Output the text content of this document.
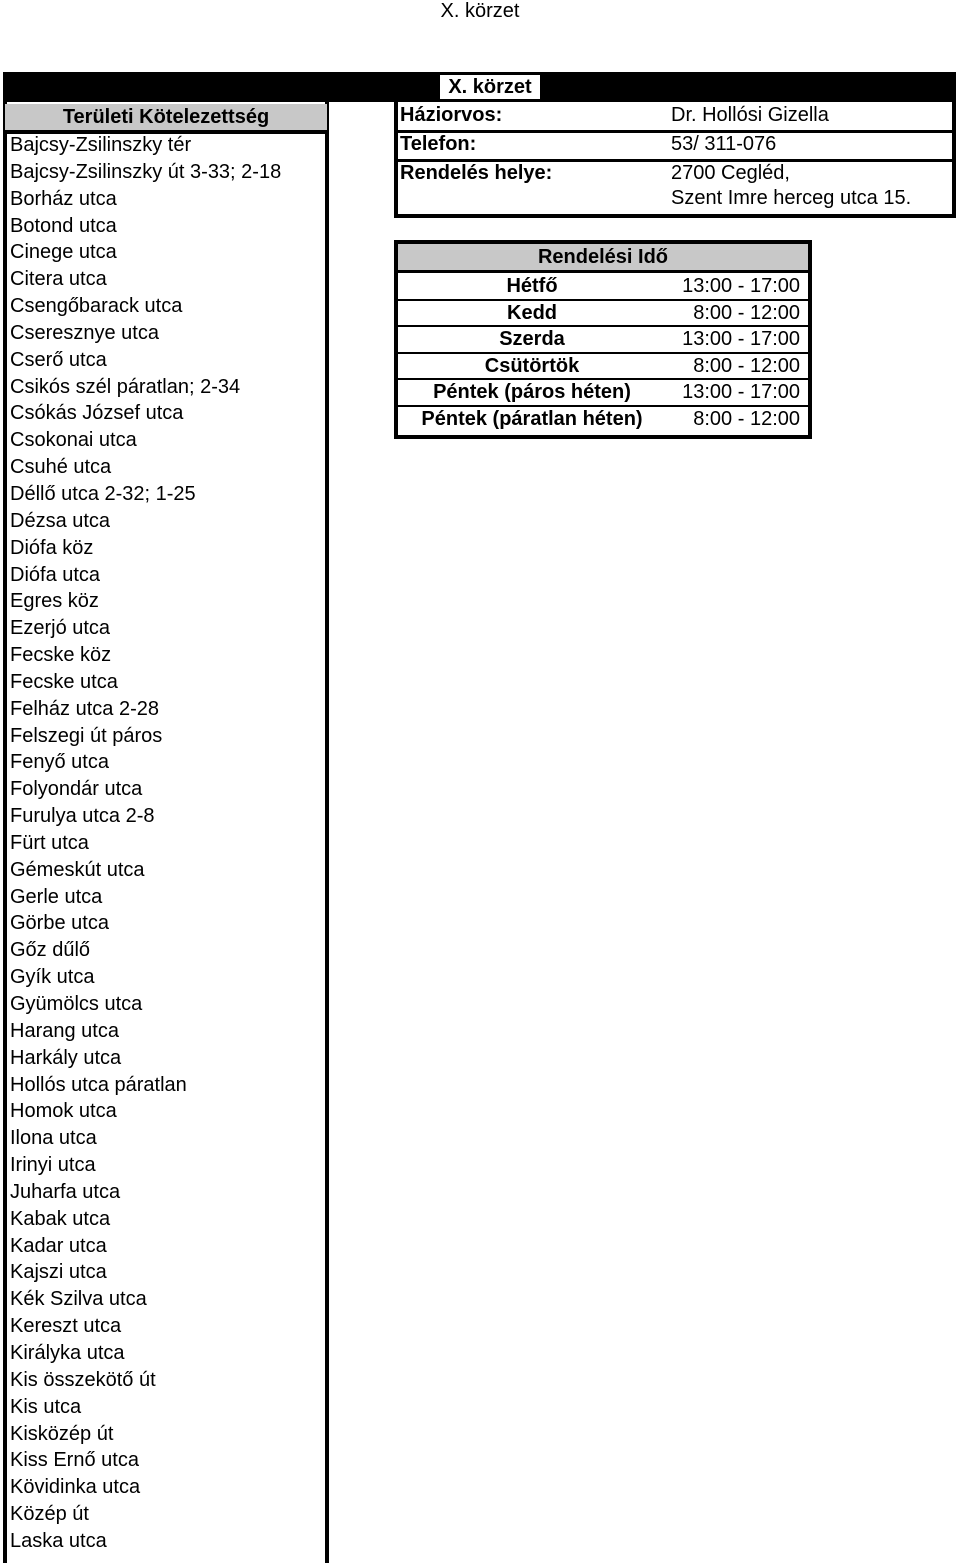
X. körzet
X. körzet
Területi Kötelezettség
Bajcsy-Zsilinszky tér
Bajcsy-Zsilinszky út 3-33; 2-18
Borház utca
Botond utca
Cinege utca
Citera utca
Csengőbarack utca
Cseresznye utca
Cserő utca
Csikós szél páratlan; 2-34
Csókás József utca
Csokonai utca
Csuhé utca
Déllő utca 2-32; 1-25
Dézsa utca
Diófa köz
Diófa utca
Egres köz
Ezerjó utca
Fecske köz
Fecske utca
Felház utca 2-28
Felszegi út páros
Fenyő utca
Folyondár utca
Furulya utca 2-8
Fürt utca
Gémeskút utca
Gerle utca
Görbe utca
Gőz dűlő
Gyík utca
Gyümölcs utca
Harang utca
Harkály utca
Hollós utca páratlan
Homok utca
Ilona utca
Irinyi utca
Juharfa utca
Kabak utca
Kadar utca
Kajszi utca
Kék Szilva utca
Kereszt utca
Királyka utca
Kis összekötő út
Kis utca
Kisközép út
Kiss Ernő utca
Kövidinka utca
Közép út
Laska utca
Háziorvos:	Dr. Hollósi Gizella
Telefon:	53/ 311-076
Rendelés helye:	2700 Cegléd,
Szent Imre herceg utca 15.
Rendelési Idő
Hétfő	13:00 - 17:00
Kedd	8:00 - 12:00
Szerda	13:00 - 17:00
Csütörtök	8:00 - 12:00
Péntek (páros héten)	13:00 - 17:00
Péntek (páratlan héten)	8:00 - 12:00
